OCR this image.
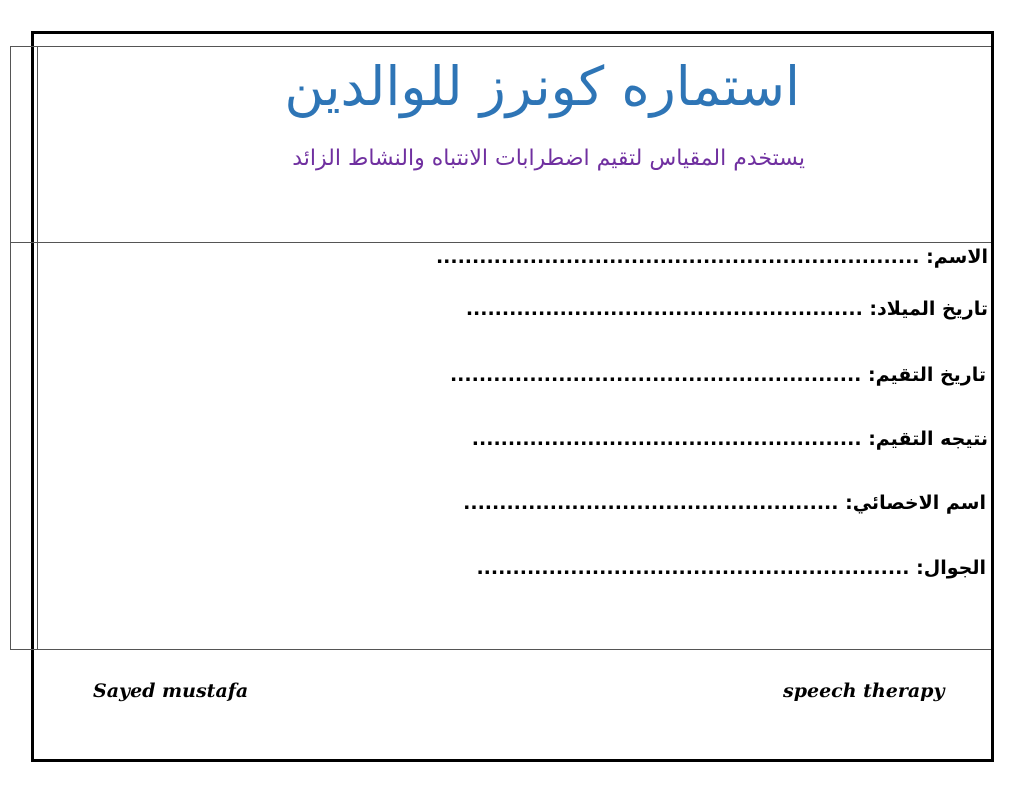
استماره كونرز للوالدين
يستخدم المقياس لتقيم اضطرابات الانتباه والنشاط الزائد
الاسم: ...................................................................
تاريخ الميلاد: .......................................................
تاريخ التقيم: .........................................................
نتيجه التقيم: ......................................................
اسم الاخصائي: ....................................................
الجوال: ............................................................
Sayed mustafa	speech therapy
